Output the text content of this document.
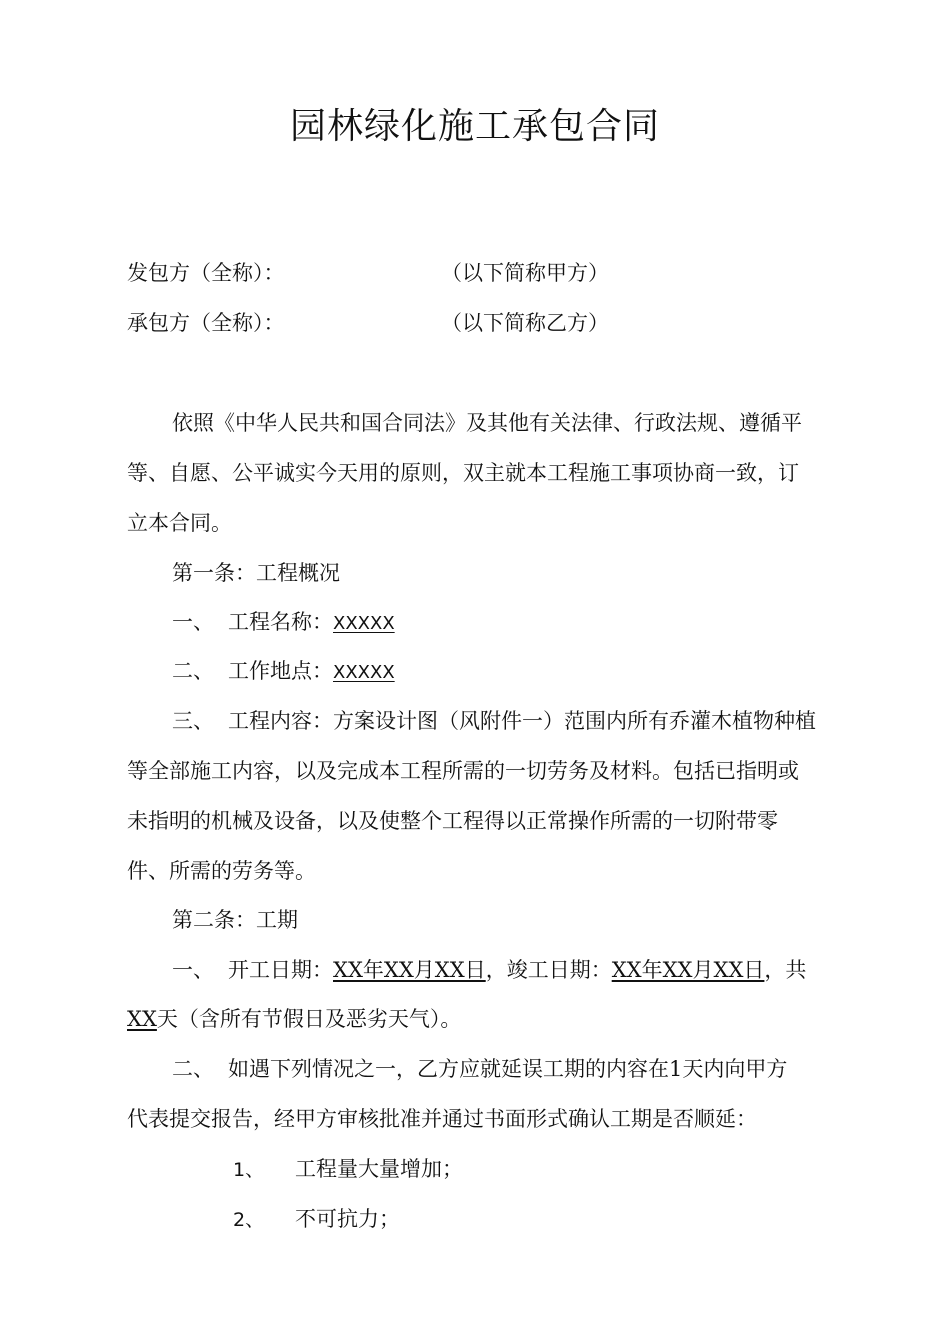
园林绿化施工承包合同
发包方（全称）：	（以下简称甲方）
承包方（全称）：	（以下简称乙方）
依照《中华人民共和国合同法》及其他有关法律、行政法规、遵循平
等、自愿、公平诚实今天用的原则，双主就本工程施工事项协商一致，订
立本合同。
第一条：工程概况
一、 工程名称：XXXXX
二、 工作地点：XXXXX
三、 工程内容：方案设计图（风附件一）范围内所有乔灌木植物种植
等全部施工内容，以及完成本工程所需的一切劳务及材料。包括已指明或
未指明的机械及设备，以及使整个工程得以正常操作所需的一切附带零
件、所需的劳务等。
第二条：工期
一、 开工日期：XX年XX月XX日，竣工日期：XX年XX月XX日，共
XX天（含所有节假日及恶劣天气）。
二、 如遇下列情况之一，乙方应就延误工期的内容在1天内向甲方
代表提交报告，经甲方审核批准并通过书面形式确认工期是否顺延：
1、 工程量大量增加；
2、 不可抗力；
